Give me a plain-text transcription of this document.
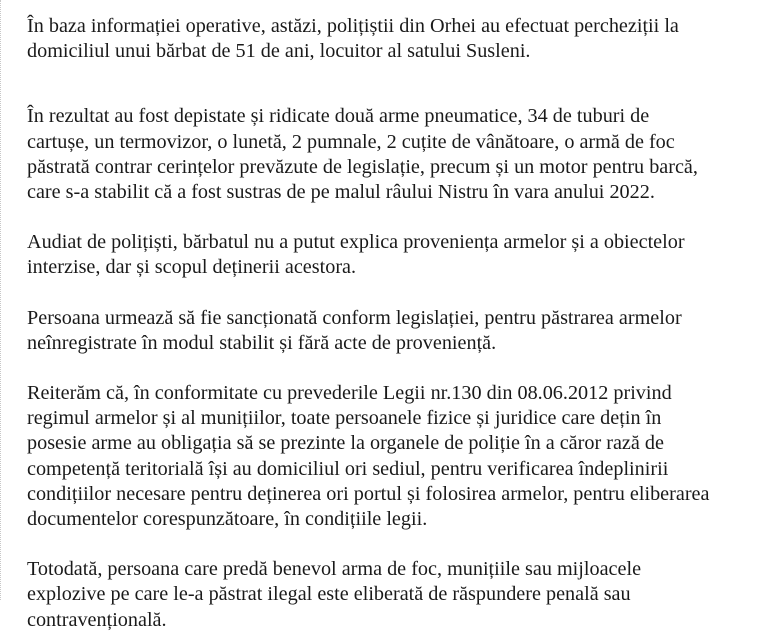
În baza informației operative, astăzi, polițiștii din Orhei au efectuat percheziții la
domiciliul unui bărbat de 51 de ani, locuitor al satului Susleni.

În rezultat au fost depistate și ridicate două arme pneumatice, 34 de tuburi de
cartușe, un termovizor, o lunetă, 2 pumnale, 2 cuțite de vânătoare, o armă de foc
păstrată contrar cerințelor prevăzute de legislație, precum și un motor pentru barcă,
care s-a stabilit că a fost sustras de pe malul râului Nistru în vara anului 2022.

Audiat de polițiști, bărbatul nu a putut explica proveniența armelor și a obiectelor
interzise, dar și scopul deținerii acestora.

Persoana urmează să fie sancționată conform legislației, pentru păstrarea armelor
neînregistrate în modul stabilit și fără acte de proveniență.

Reiterăm că, în conformitate cu prevederile Legii nr.130 din 08.06.2012 privind
regimul armelor și al munițiilor, toate persoanele fizice și juridice care dețin în
posesie arme au obligația să se prezinte la organele de poliție în a căror rază de
competență teritorială își au domiciliul ori sediul, pentru verificarea îndeplinirii
condițiilor necesare pentru deținerea ori portul și folosirea armelor, pentru eliberarea
documentelor corespunzătoare, în condițiile legii.

Totodată, persoana care predă benevol arma de foc, munițiile sau mijloacele
explozive pe care le-a păstrat ilegal este eliberată de răspundere penală sau
contravențională.
